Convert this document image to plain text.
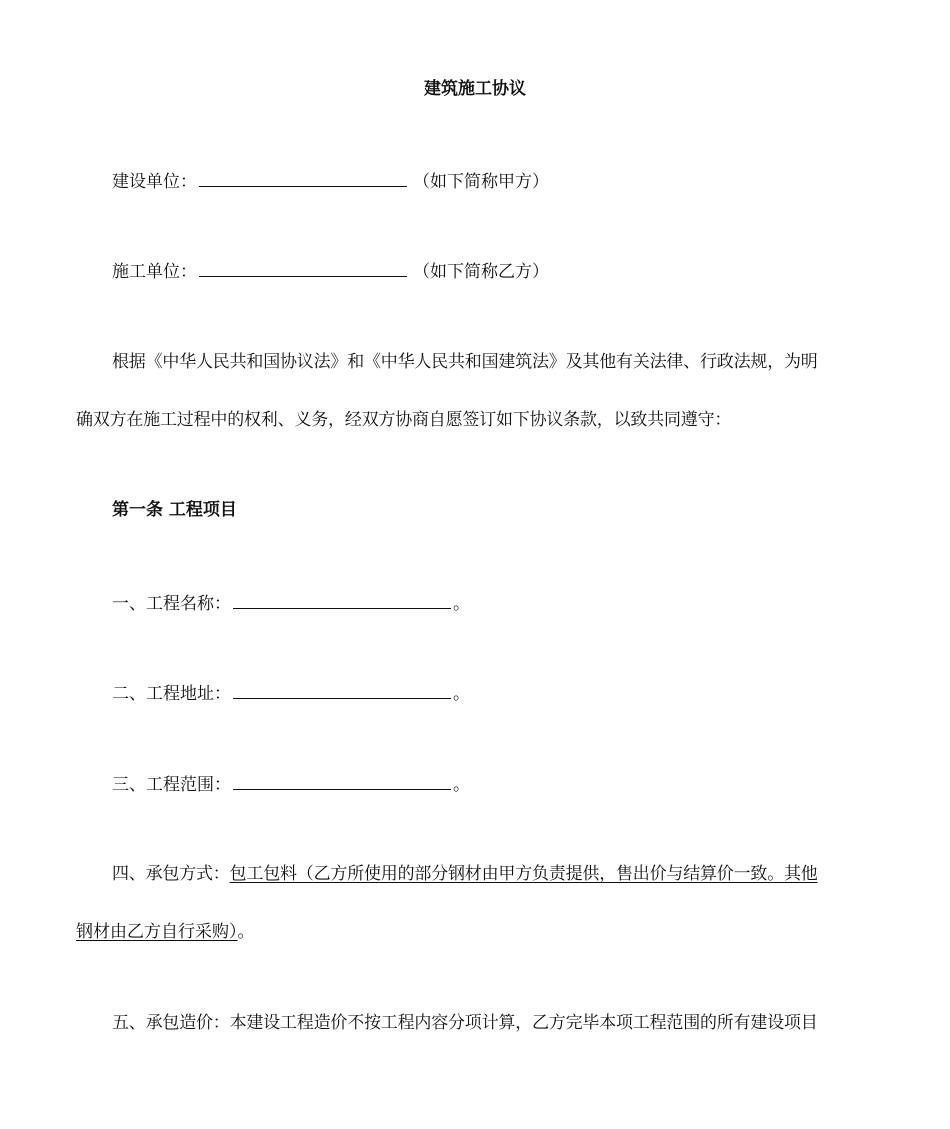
建筑施工协议
建设单位：	（如下简称甲方）
施工单位：	（如下简称乙方）
根据《中华人民共和国协议法》和《中华人民共和国建筑法》及其他有关法律、行政法规，为明
确双方在施工过程中的权利、义务，经双方协商自愿签订如下协议条款，以致共同遵守：
第一条 工程项目
一、工程名称：	。
二、工程地址：	。
三、工程范围：	。
四、承包方式：包工包料（乙方所使用的部分钢材由甲方负责提供，售出价与结算价一致。其他
钢材由乙方自行采购）。
五、承包造价：本建设工程造价不按工程内容分项计算，乙方完毕本项工程范围的所有建设项目
